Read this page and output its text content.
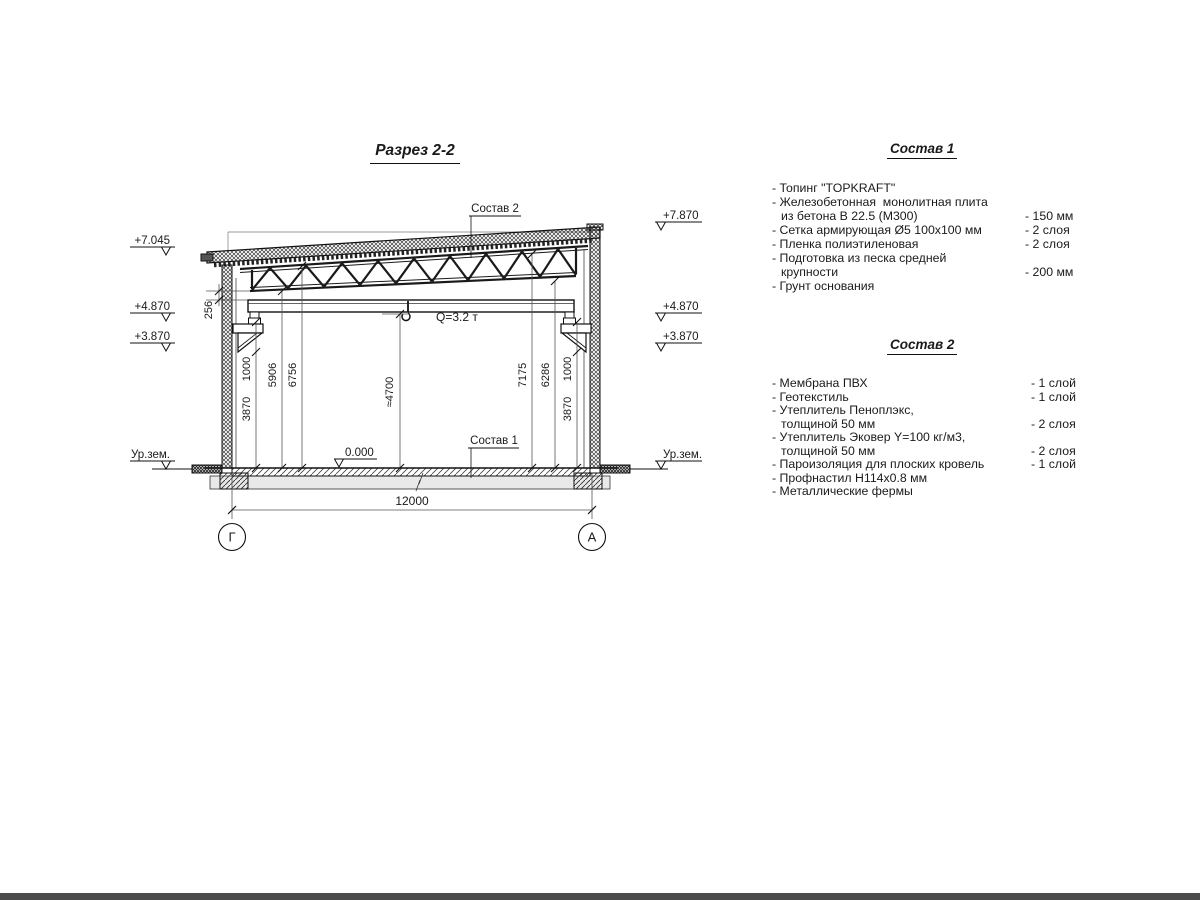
Q=3.2 т
1000
3870
5906 6756
≈4700
7175 6286 1000
3870
256
Состав 2
Состав 1
0.000
12000
Г	А
+7.045
+4.870
+3.870
Ур.зем.
+7.870
+4.870
+3.870
Ур.зем.
Разрез 2-2	Состав 1
- Топинг "TOPKRAFT"
- Железобетонная  монолитная плита
из бетона В 22.5 (М300)	- 150 мм
- Сетка армирующая Ø5 100x100 мм	- 2 слоя
- Пленка полиэтиленовая	- 2 слоя
- Подготовка из песка средней
крупности	- 200 мм
- Грунт основания
Состав 2
- Мембрана ПВХ	- 1 слой
- Геотекстиль	- 1 слой
- Утеплитель Пеноплэкс,
толщиной 50 мм	- 2 слоя
- Утеплитель Эковер Y=100 кг/м3,
толщиной 50 мм	- 2 слоя
- Пароизоляция для плоских кровель	- 1 слой
- Профнастил Н114х0.8 мм
- Металлические фермы
